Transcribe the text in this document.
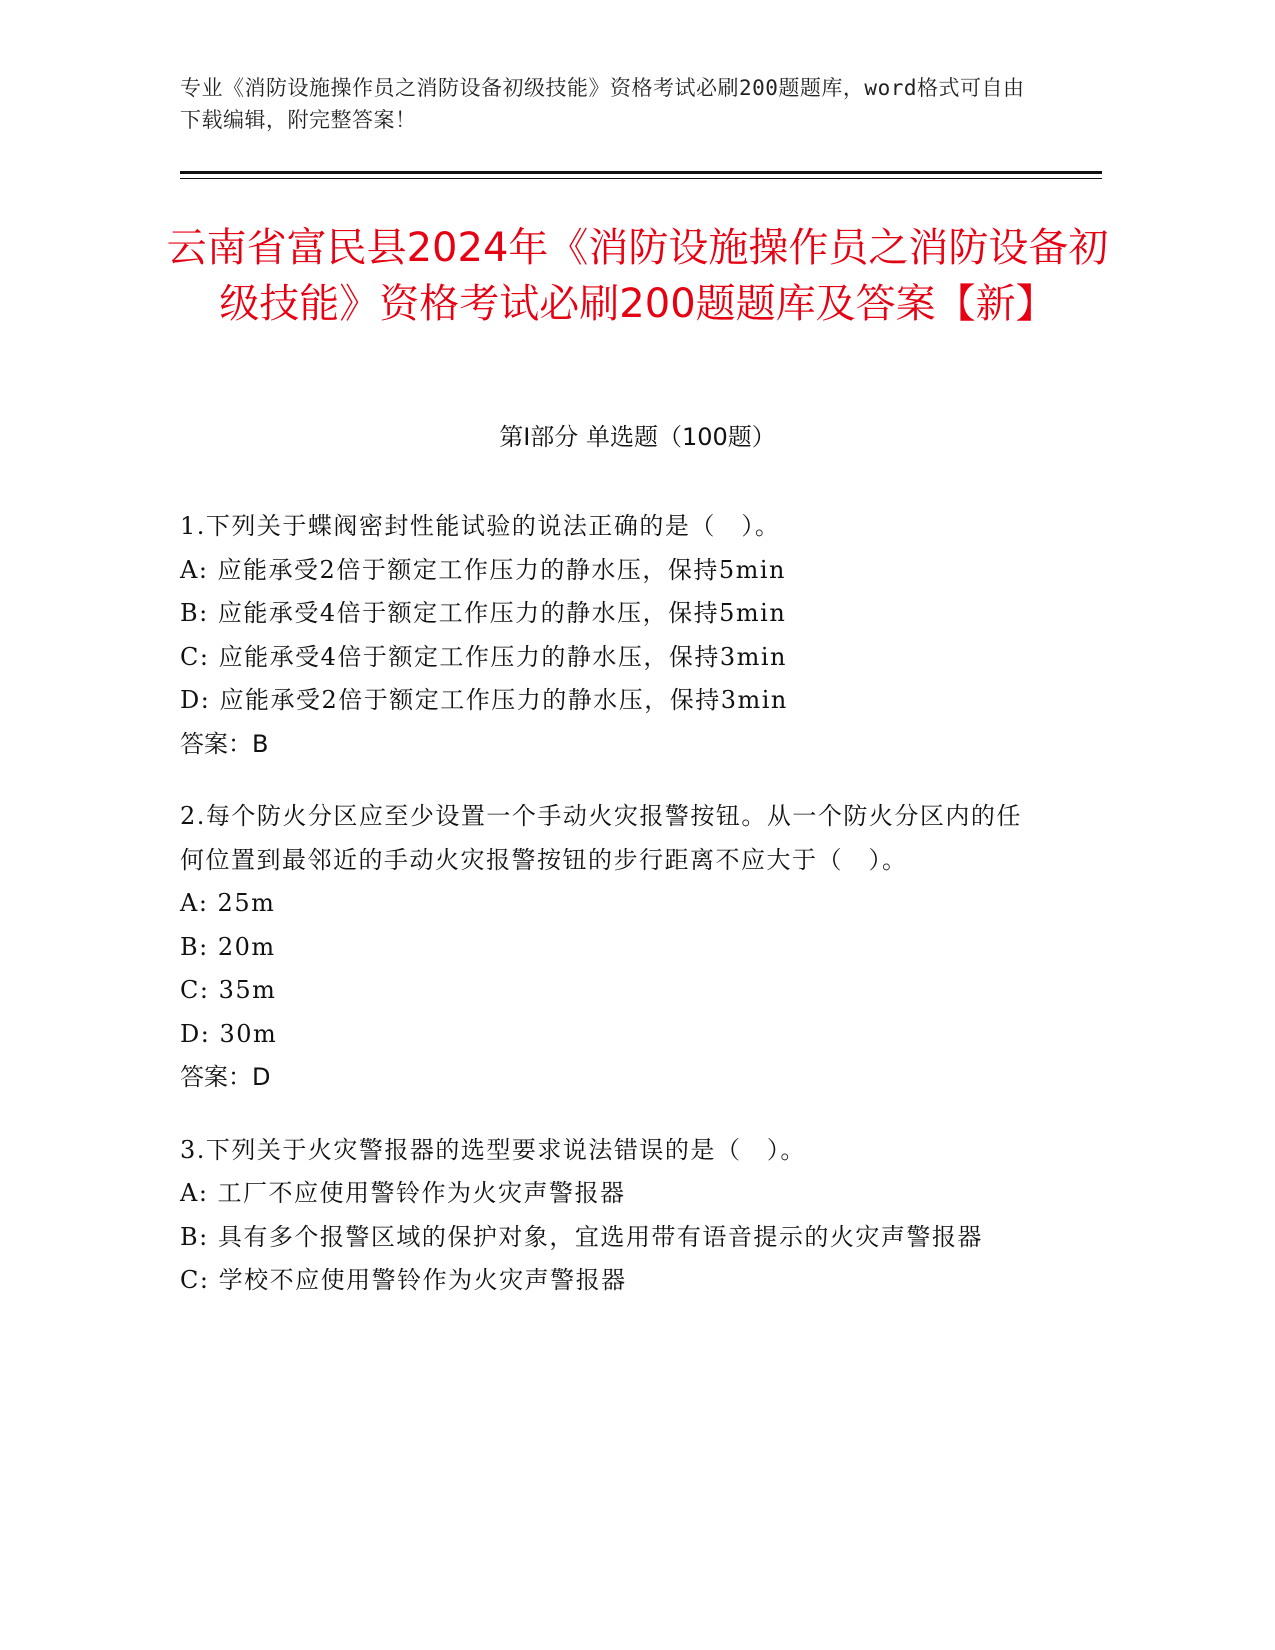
专业《消防设施操作员之消防设备初级技能》资格考试必刷200题题库，word格式可自由下载编辑，附完整答案！
云南省富民县2024年《消防设施操作员之消防设备初级技能》资格考试必刷200题题库及答案【新】
第I部分 单选题（100题）
1.下列关于蝶阀密封性能试验的说法正确的是（　）。
A: 应能承受2倍于额定工作压力的静水压，保持5min
B: 应能承受4倍于额定工作压力的静水压，保持5min
C: 应能承受4倍于额定工作压力的静水压，保持3min
D: 应能承受2倍于额定工作压力的静水压，保持3min
答案：B
2.每个防火分区应至少设置一个手动火灾报警按钮。从一个防火分区内的任何位置到最邻近的手动火灾报警按钮的步行距离不应大于（　）。
A: 25m
B: 20m
C: 35m
D: 30m
答案：D
3.下列关于火灾警报器的选型要求说法错误的是（　）。
A: 工厂不应使用警铃作为火灾声警报器
B: 具有多个报警区域的保护对象，宜选用带有语音提示的火灾声警报器
C: 学校不应使用警铃作为火灾声警报器
